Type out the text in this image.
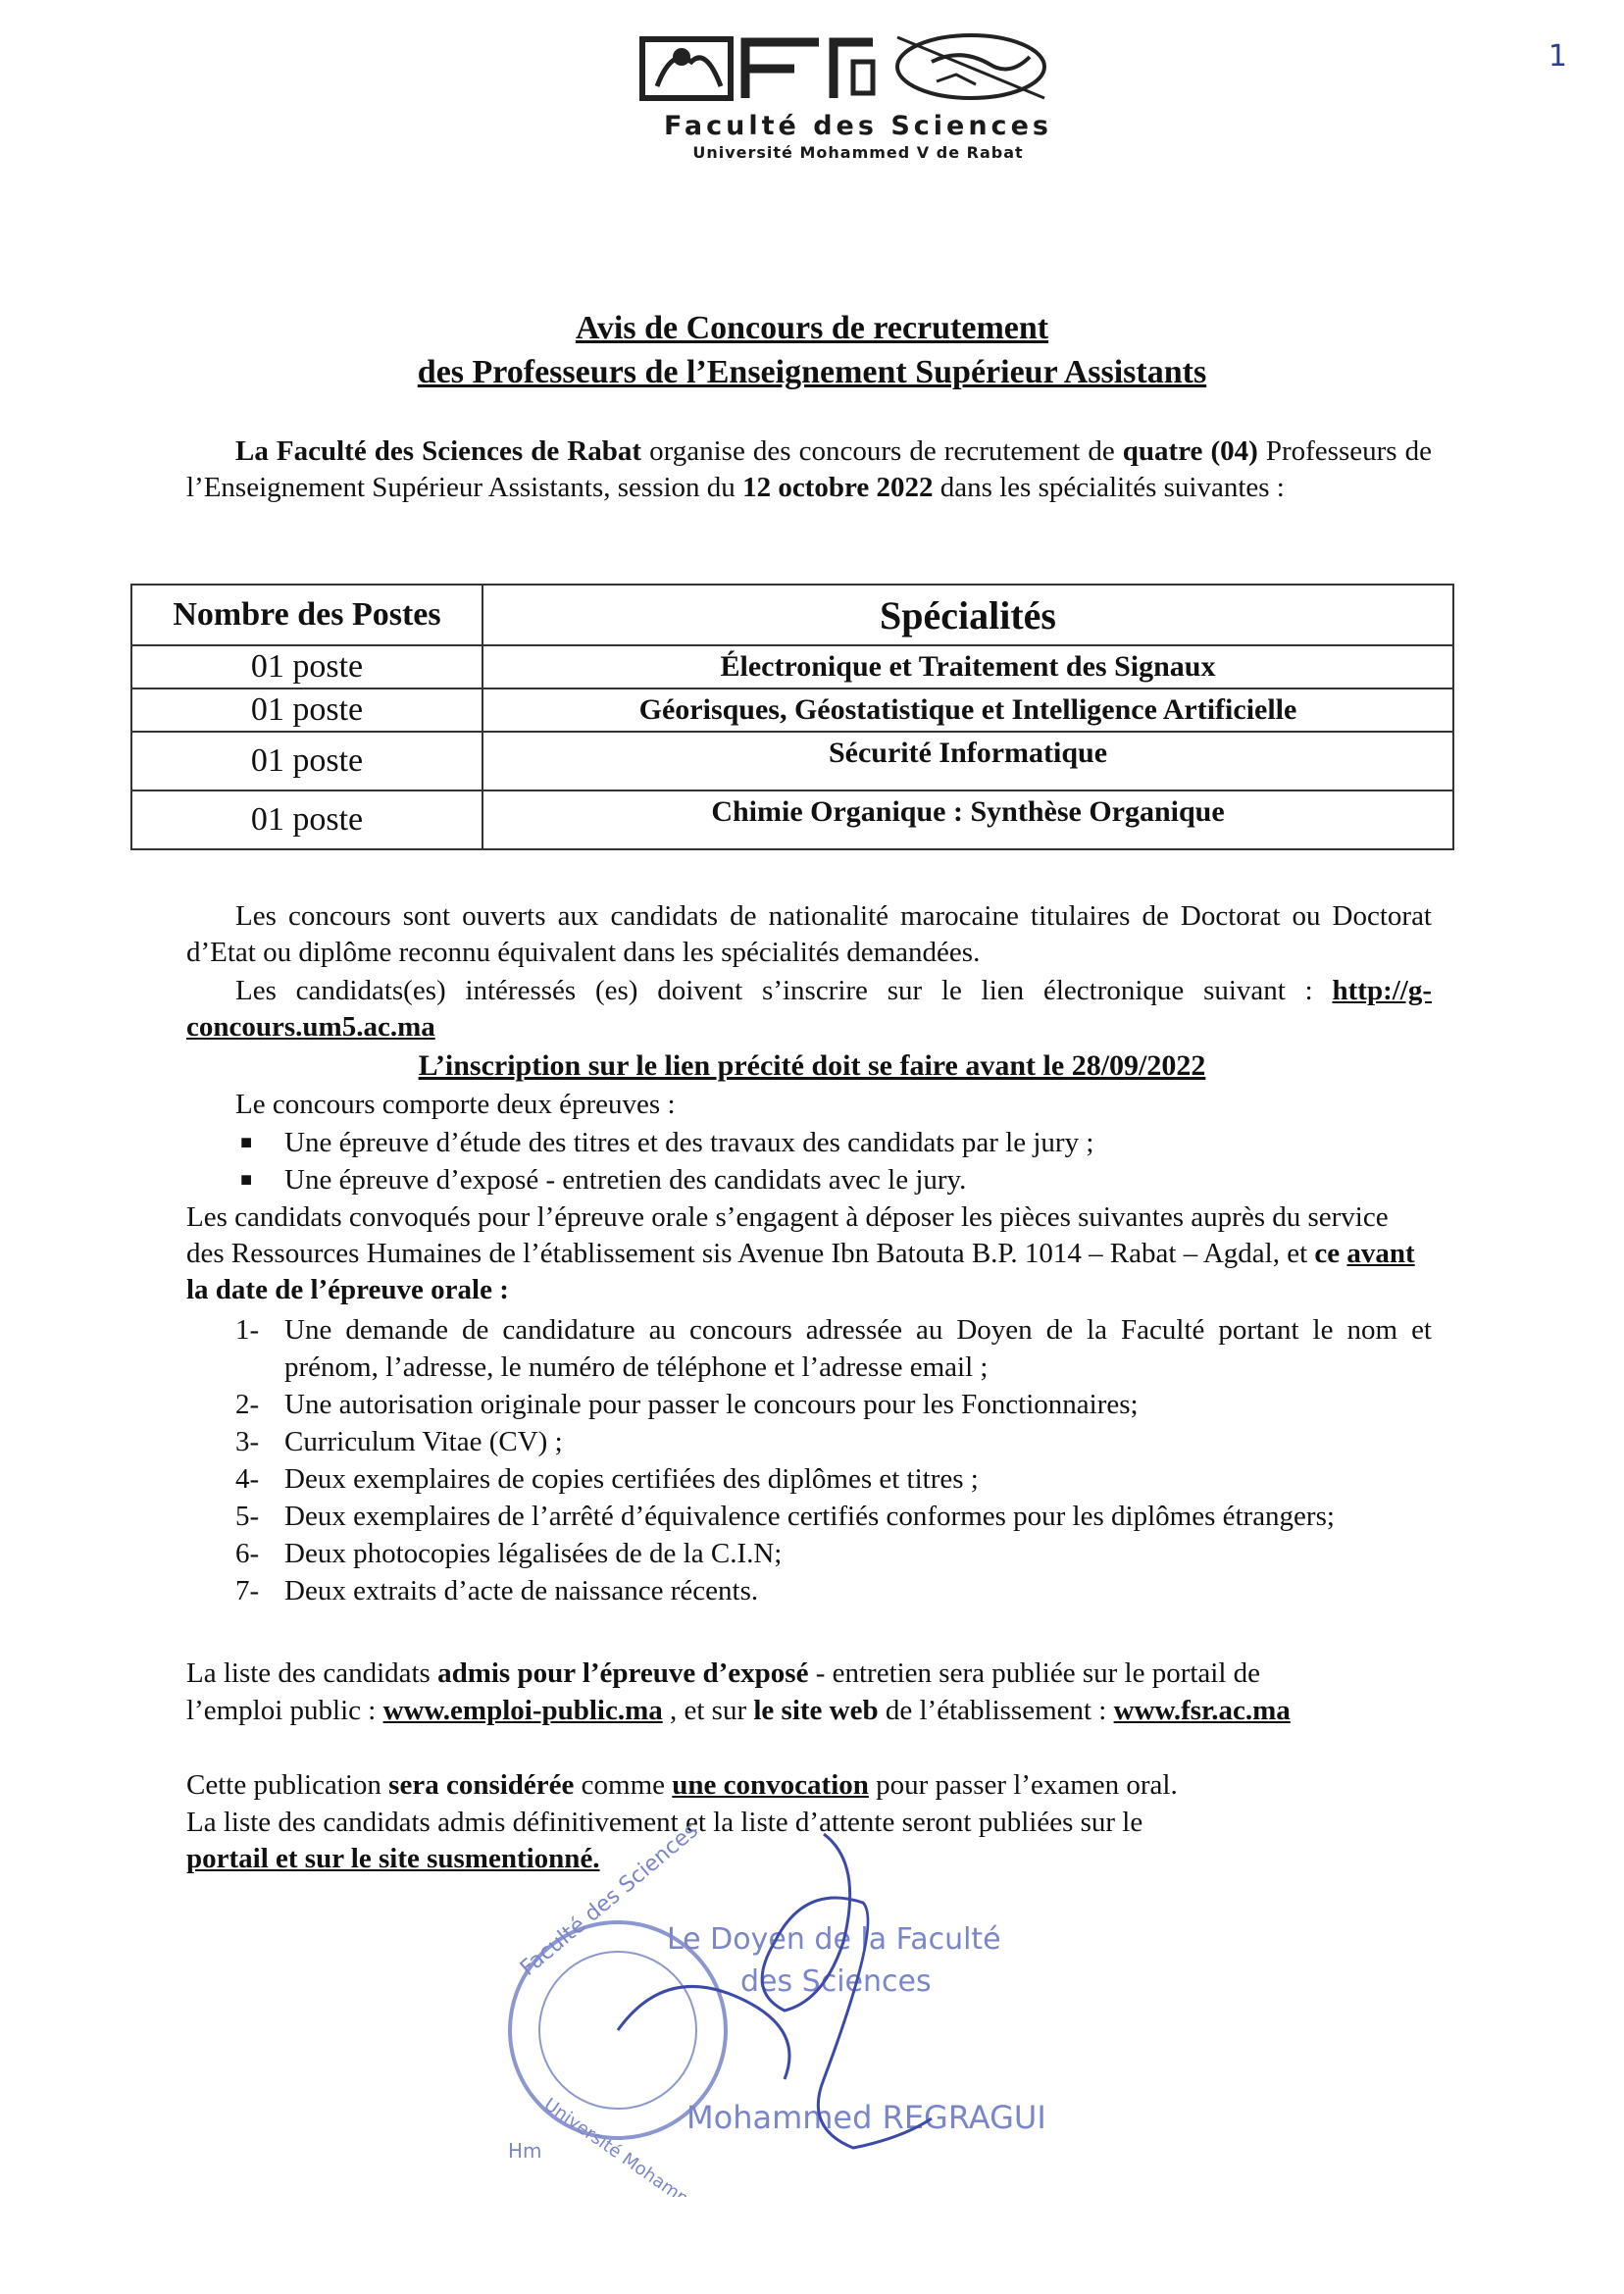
1
Faculté des Sciences
Université Mohammed V de Rabat
Avis de Concours de recrutement
des Professeurs de l’Enseignement Supérieur Assistants
La Faculté des Sciences de Rabat organise des concours de recrutement de quatre (04) Professeurs de l’Enseignement Supérieur Assistants, session du 12 octobre 2022 dans les spécialités suivantes :
Nombre des Postes	Spécialités
01 poste	Électronique et Traitement des Signaux
01 poste	Géorisques, Géostatistique et Intelligence Artificielle
01 poste	Sécurité Informatique
01 poste	Chimie Organique : Synthèse Organique
Les concours sont ouverts aux candidats de nationalité marocaine titulaires de Doctorat ou Doctorat d’Etat ou diplôme reconnu équivalent dans les spécialités demandées.
Les candidats(es) intéressés (es) doivent s’inscrire sur le lien électronique suivant : http://g-concours.um5.ac.ma
L’inscription sur le lien précité doit se faire avant le 28/09/2022
Le concours comporte deux épreuves :
■ Une épreuve d’étude des titres et des travaux des candidats par le jury ;
■ Une épreuve d’exposé - entretien des candidats avec le jury.
Les candidats convoqués pour l’épreuve orale s’engagent à déposer les pièces suivantes auprès du service des Ressources Humaines de l’établissement sis Avenue Ibn Batouta B.P. 1014 – Rabat – Agdal, et ce avant la date de l’épreuve orale :
1- Une demande de candidature au concours adressée au Doyen de la Faculté portant le nom et prénom, l’adresse, le numéro de téléphone et l’adresse email ;
2- Une autorisation originale pour passer le concours pour les Fonctionnaires;
3- Curriculum Vitae (CV) ;
4- Deux exemplaires de copies certifiées des diplômes et titres ;
5- Deux exemplaires de l’arrêté d’équivalence certifiés conformes pour les diplômes étrangers;
6- Deux photocopies légalisées de de la C.I.N;
7- Deux extraits d’acte de naissance récents.
La liste des candidats admis pour l’épreuve d’exposé - entretien sera publiée sur le portail de l’emploi public : www.emploi-public.ma , et sur le site web de l’établissement : www.fsr.ac.ma
Cette publication sera considérée comme une convocation pour passer l’examen oral.
La liste des candidats admis définitivement et la liste d’attente seront publiées sur le
portail et sur le site susmentionné.
Faculté des Sciences
Université Mohammed V
Le Doyen de la Faculté
des Sciences
Mohammed REGRAGUI
Hm
